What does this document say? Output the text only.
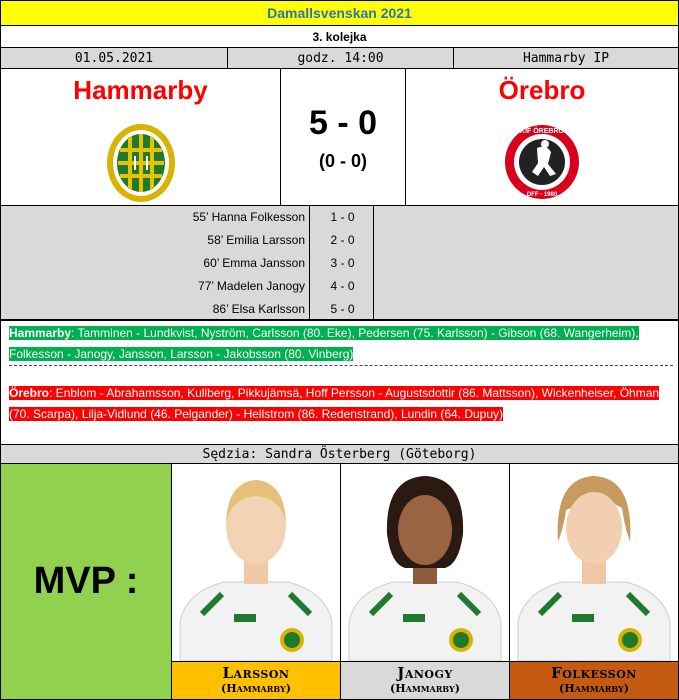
Damallsvenskan 2021
3. kolejka
01.05.2021	godz. 14:00	Hammarby IP
Hammarby
5 - 0
(0 - 0)
Örebro
KIF ÖREBRO
DFF · 1980
55’ Hanna Folkesson	1 - 0
58’ Emilia Larsson	2 - 0
60’ Emma Jansson	3 - 0
77’ Madelen Janogy	4 - 0
86’ Elsa Karlsson	5 - 0
Hammarby: Tamminen - Lundkvist, Nyström, Carlsson (80. Eke), Pedersen (75. Karlsson) - Gibson (68. Wangerheim), Folkesson - Janogy, Jansson, Larsson - Jakobsson (80. Vinberg)
Örebro: Enblom - Abrahamsson, Kullberg, Pikkujämsä, Hoff Persson - Augustsdottir (86. Mattsson), Wickenheiser, Öhman (70. Scarpa), Lilja-Vidlund (46. Pelgander) - Hellstrom (86. Redenstrand), Lundin (64. Dupuy)
Sędzia: Sandra Österberg (Göteborg)
MVP :
Larsson
(Hammarby)
Janogy
(Hammarby)
Folkesson
(Hammarby)
